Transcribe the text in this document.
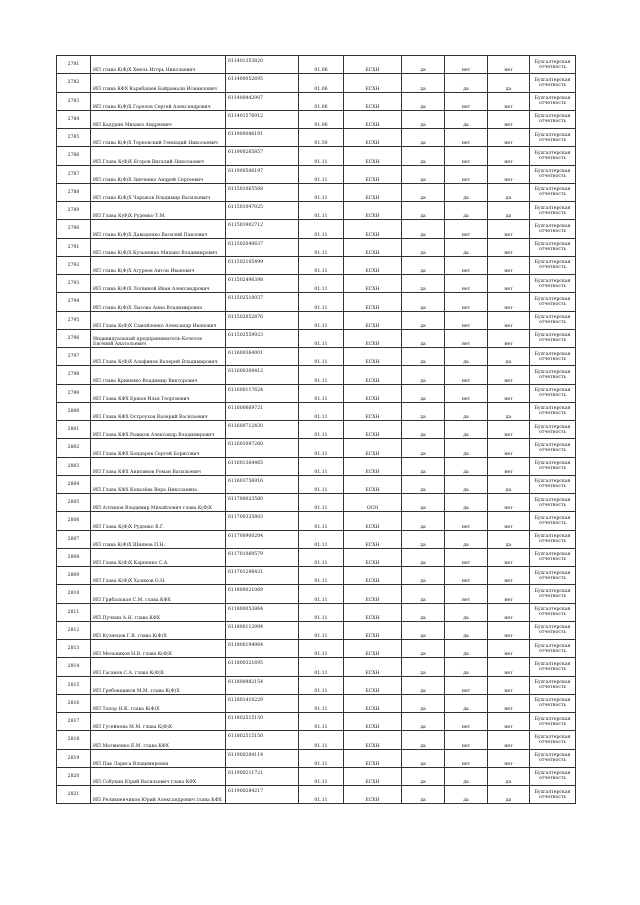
2781	ИП глава К(Ф)Х Хмель Игорь Николаевич	611401353820	01.06	ЕСХН	да	нет	нет	Бухгалтерская отчетность
2782	ИП глава КФХ Карабашев Байрамали Исмаилович	611400052695	01.06	ЕСХН	да	да	да	Бухгалтерская отчетность
2783	ИП глава К(Ф)Х Горелов Сергей Александрович	611400442907	01.06	ЕСХН	да	нет	нет	Бухгалтерская отчетность
2784	ИП Кадурин Михаил Андреевич	611401576912	01.06	ЕСХН	да	да	нет	Бухгалтерская отчетность
2785	ИП глава К(Ф)Х Терновский Геннадий Николаевич	611900086191	01.50	ЕСХН	да	нет	нет	Бухгалтерская отчетность
2786	ИП Глава К(Ф)Х Егоров Виталий Николаевич	611900265857	01.11	ЕСХН	да	нет	нет	Бухгалтерская отчетность
2787	ИП глава К(Ф)Х Зинченко Андрей Сергеевич	611900506197	01.11	ЕСХН	да	нет	нет	Бухгалтерская отчетность
2788	ИП глава К(Ф)Х Чарыков Владимир Васильевич	611501065568	01.11	ЕСХН	да	да	да	Бухгалтерская отчетность
2789	ИП Глава К(Ф)Х Руденко Т.М.	611501047025	01.11	ЕСХН	да	да	да	Бухгалтерская отчетность
2790	ИП глава К(Ф)Х Давыденко Василий Павлович	611501902712	01.11	ЕСХН	да	нет	нет	Бухгалтерская отчетность
2791	ИП глава К(Ф)Х Кузьменко Михаил Владимирович	611502040637	01.11	ЕСХН	да	да	нет	Бухгалтерская отчетность
2792	ИП глава К(Ф)Х Агуреев Антон Иванович	611502105499	01.11	ЕСХН	да	нет	нет	Бухгалтерская отчетность
2793	ИП глава К(Ф)Х Логвиной Иван Александрович	611502496398	01.11	ЕСХН	да	нет	нет	Бухгалтерская отчетность
2794	ИП глава К(Ф)Х Лысова Анна Владимировна	611502510037	01.11	ЕСХН	да	нет	нет	Бухгалтерская отчетность
2795	ИП Глава К(Ф)Х Самойленко Александр Иванович	611502652876	01.11	ЕСХН	да	нет	нет	Бухгалтерская отчетность
2796	Индивидуальный предприниматель-Кочетов Евгений Анатольевич	611502559923	01.11	ЕСХН	да	нет	нет	Бухгалтерская отчетность
2797	ИП Глава К(Ф)Х Алафинов Валерий Владимирович	611600364001	01.11	ЕСХН	да	да	да	Бухгалтерская отчетность
2798	ИП глава Кривенко Владимир Викторович	611600368412	01.11	ЕСХН	да	нет	нет	Бухгалтерская отчетность
2799	ИП Глава КФХ Ершов Илья Георгиевич	611600117624	01.11	ЕСХН	да	нет	нет	Бухгалтерская отчетность
2800	ИП Глава КФХ Остроухов Валерий Васильевич	611600669721	01.11	ЕСХН	да	да	да	Бухгалтерская отчетность
2801	ИП Глава КФХ Рыжков Александр Владимирович	611600712430	01.11	ЕСХН	да	да	нет	Бухгалтерская отчетность
2802	ИП Глава КФХ Бондарев Сергей Борисович	611601007260	01.11	ЕСХН	да	да	нет	Бухгалтерская отчетность
2803	ИП Глава КФХ Анисимов Роман Васильевич	611601364465	01.11	ЕСХН	да	да	нет	Бухгалтерская отчетность
2804	ИП Глава КФХ Ковалёва Вера Николаевна	611603756916	01.11	ЕСХН	да	да	да	Бухгалтерская отчетность
2805	ИП Алтынов Владимир Михайлович глава К(Ф)Х	611700023580	01.11	ОСН	да	да	нет	Бухгалтерская отчетность
2806	ИП Глава К(Ф)Х Руденко В.Г.	611700335803	01.11	ЕСХН	да	нет	нет	Бухгалтерская отчетность
2807	ИП глава К(Ф)Х Шиянов П.Н.	611700900204	01.11	ЕСХН	да	да	да	Бухгалтерская отчетность
2808	ИП Глава К(Ф)Х Карпенко С.А.	611701069579	01.11	ЕСХН	да	нет	нет	Бухгалтерская отчетность
2809	ИП Глава К(Ф)Х Хазиков О.Н.	611701298431	01.11	ЕСХН	да	нет	нет	Бухгалтерская отчетность
2810	ИП Грибальная С.М. глава КФХ	611800021069	01.11	ЕСХН	да	нет	нет	Бухгалтерская отчетность
2811	ИП Пучкин А.Н. глава КФХ	611800053864	01.11	ЕСХН	да	да	нет	Бухгалтерская отчетность
2812	ИП Кузнецов Г.В. глава К(Ф)Х	611800112994	01.11	ЕСХН	да	да	нет	Бухгалтерская отчетность
2813	ИП Мельников Н.В. глава К(Ф)Х	611800194964	01.11	ЕСХН	да	да	нет	Бухгалтерская отчетность
2814	ИП Гасанов С.А. глава К(Ф)Х	611800321695	01.11	ЕСХН	да	да	нет	Бухгалтерская отчетность
2815	ИП Гребенщиков М.М. глава К(Ф)Х	611800982154	01.11	ЕСХН	да	нет	нет	Бухгалтерская отчетность
2816	ИП Топор Н.К. глава К(Ф)Х	611801410229	01.11	ЕСХН	да	да	нет	Бухгалтерская отчетность
2817	ИП Гусейнова М.М. глава К(Ф)Х	611802515150	01.11	ЕСХН	да	нет	нет	Бухгалтерская отчетность
2818	ИП Матвиенко Е.М. глава КФХ	611802515150	01.11	ЕСХН	да	нет	нет	Бухгалтерская отчетность
2819	ИП Пак Лариса Владимировна	611900284114	01.11	ЕСХН	да	нет	нет	Бухгалтерская отчетность
2820	ИП Собукин Юрий Васильевич глава КФХ	611900211721	01.11	ЕСХН	да	да	да	Бухгалтерская отчетность
2821	ИП Реликвенчиков Юрий Александрович глава КФХ	611900284217	01.11	ЕСХН	да	да	да	Бухгалтерская отчетность
